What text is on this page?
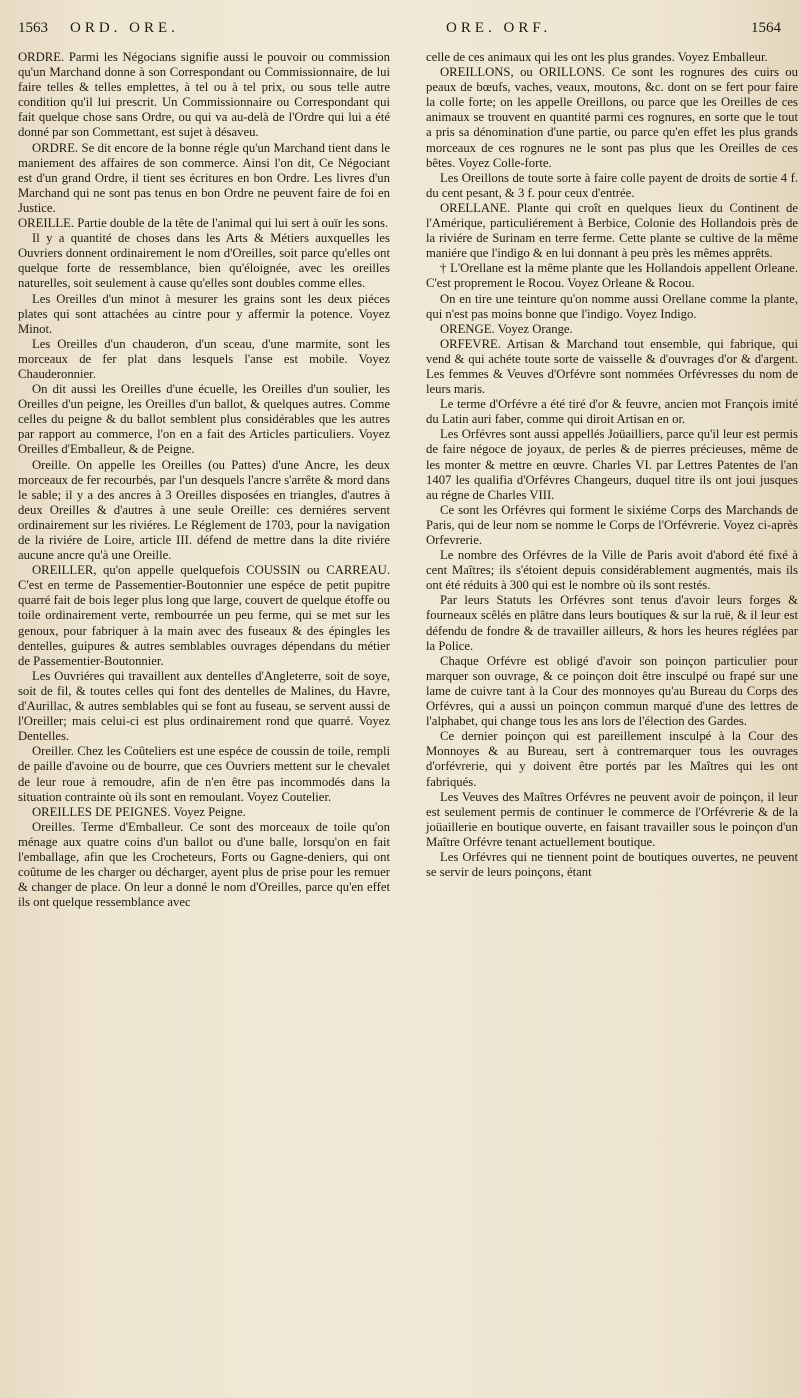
1563 ORD. ORE.	ORE. ORF.	1564

ORDRE. Parmi les Négocians signifie aussi le pouvoir ou commission qu'un Marchand donne à son Correspondant ou Commissionnaire, de lui faire telles & telles emplettes, à tel ou à tel prix, ou sous telle autre condition qu'il lui prescrit. Un Commissionnaire ou Correspondant qui fait quelque chose sans Ordre, ou qui va au-delà de l'Ordre qui lui a été donné par son Commettant, est sujet à désaveu.

ORDRE. Se dit encore de la bonne régle qu'un Marchand tient dans le maniement des affaires de son commerce. Ainsi l'on dit, Ce Négociant est d'un grand Ordre, il tient ses écritures en bon Ordre. Les livres d'un Marchand qui ne sont pas tenus en bon Ordre ne peuvent faire de foi en Justice.

OREILLE. Partie double de la tête de l'animal qui lui sert à ouïr les sons.

Il y a quantité de choses dans les Arts & Métiers auxquelles les Ouvriers donnent ordinairement le nom d'Oreilles, soit parce qu'elles ont quelque forte de ressemblance, bien qu'éloignée, avec les oreilles naturelles, soit seulement à cause qu'elles sont doubles comme elles.

Les Oreilles d'un minot à mesurer les grains sont les deux piéces plates qui sont attachées au cintre pour y affermir la potence. Voyez Minot.

Les Oreilles d'un chauderon, d'un sceau, d'une marmite, sont les morceaux de fer plat dans lesquels l'anse est mobile. Voyez Chauderonnier.

On dit aussi les Oreilles d'une écuelle, les Oreilles d'un soulier, les Oreilles d'un peigne, les Oreilles d'un ballot, & quelques autres. Comme celles du peigne & du ballot semblent plus considérables que les autres par rapport au commerce, l'on en a fait des Articles particuliers. Voyez Oreilles d'Emballeur, & de Peigne.

Oreille. On appelle les Oreilles (ou Pattes) d'une Ancre, les deux morceaux de fer recourbés, par l'un desquels l'ancre s'arrête & mord dans le sable; il y a des ancres à 3 Oreilles disposées en triangles, d'autres à deux Oreilles & d'autres à une seule Oreille: ces derniéres servent ordinairement sur les riviéres. Le Réglement de 1703, pour la navigation de la riviére de Loire, article III. défend de mettre dans la dite riviére aucune ancre qu'à une Oreille.

OREILLER, qu'on appelle quelquefois COUSSIN ou CARREAU. C'est en terme de Passementier-Boutonnier une espéce de petit pupitre quarré fait de bois leger plus long que large, couvert de quelque étoffe ou toile ordinairement verte, rembourrée un peu ferme, qui se met sur les genoux, pour fabriquer à la main avec des fuseaux & des épingles les dentelles, guipures & autres semblables ouvrages dépendans du métier de Passementier-Boutonnier.

Les Ouvriéres qui travaillent aux dentelles d'Angleterre, soit de soye, soit de fil, & toutes celles qui font des dentelles de Malines, du Havre, d'Aurillac, & autres semblables qui se font au fuseau, se servent aussi de l'Oreiller; mais celui-ci est plus ordinairement rond que quarré. Voyez Dentelles.

Oreiller. Chez les Coûteliers est une espéce de coussin de toile, rempli de paille d'avoine ou de bourre, que ces Ouvriers mettent sur le chevalet de leur roue à remoudre, afin de n'en être pas incommodés dans la situation contrainte où ils sont en remoulant. Voyez Coutelier.

OREILLES DE PEIGNES. Voyez Peigne.

Oreilles. Terme d'Emballeur. Ce sont des morceaux de toile qu'on ménage aux quatre coins d'un ballot ou d'une balle, lorsqu'on en fait l'emballage, afin que les Crocheteurs, Forts ou Gagne-deniers, qui ont coûtume de les charger ou décharger, ayent plus de prise pour les remuer & changer de place. On leur a donné le nom d'Oreilles, parce qu'en effet ils ont quelque ressemblance avec

celle de ces animaux qui les ont les plus grandes. Voyez Emballeur.

OREILLONS, ou ORILLONS. Ce sont les rognures des cuirs ou peaux de bœufs, vaches, veaux, moutons, &c. dont on se fert pour faire la colle forte; on les appelle Oreillons, ou parce que les Oreilles de ces animaux se trouvent en quantité parmi ces rognures, en sorte que le tout a pris sa dénomination d'une partie, ou parce qu'en effet les plus grands morceaux de ces rognures ne le sont pas plus que les Oreilles de ces bêtes. Voyez Colle-forte.

Les Oreillons de toute sorte à faire colle payent de droits de sortie 4 f. du cent pesant, & 3 f. pour ceux d'entrée.

ORELLANE. Plante qui croît en quelques lieux du Continent de l'Amérique, particuliérement à Berbice, Colonie des Hollandois près de la riviére de Surinam en terre ferme. Cette plante se cultive de la même maniére que l'indigo & en lui donnant à peu près les mêmes apprêts.

† L'Orellane est la même plante que les Hollandois appellent Orleane. C'est proprement le Rocou. Voyez Orleane & Rocou.

On en tire une teinture qu'on nomme aussi Orellane comme la plante, qui n'est pas moins bonne que l'indigo. Voyez Indigo.

ORENGE. Voyez Orange.

ORFEVRE. Artisan & Marchand tout ensemble, qui fabrique, qui vend & qui achéte toute sorte de vaisselle & d'ouvrages d'or & d'argent. Les femmes & Veuves d'Orfévre sont nommées Orfévresses du nom de leurs maris.

Le terme d'Orfévre a été tiré d'or & feuvre, ancien mot François imité du Latin auri faber, comme qui diroit Artisan en or.

Les Orfévres sont aussi appellés Joüailliers, parce qu'il leur est permis de faire négoce de joyaux, de perles & de pierres précieuses, même de les monter & mettre en œuvre. Charles VI. par Lettres Patentes de l'an 1407 les qualifia d'Orfévres Changeurs, duquel titre ils ont joui jusques au régne de Charles VIII.

Ce sont les Orfévres qui forment le sixiéme Corps des Marchands de Paris, qui de leur nom se nomme le Corps de l'Orfévrerie. Voyez ci-après Orfevrerie.

Le nombre des Orfévres de la Ville de Paris avoit d'abord été fixé à cent Maîtres; ils s'étoient depuis considérablement augmentés, mais ils ont été réduits à 300 qui est le nombre où ils sont restés.

Par leurs Statuts les Orfévres sont tenus d'avoir leurs forges & fourneaux scêlés en plâtre dans leurs boutiques & sur la ruë, & il leur est défendu de fondre & de travailler ailleurs, & hors les heures réglées par la Police.

Chaque Orfévre est obligé d'avoir son poinçon particulier pour marquer son ouvrage, & ce poinçon doit être insculpé ou frapé sur une lame de cuivre tant à la Cour des monnoyes qu'au Bureau du Corps des Orfévres, qui a aussi un poinçon commun marqué d'une des lettres de l'alphabet, qui change tous les ans lors de l'élection des Gardes.

Ce dernier poinçon qui est pareillement insculpé à la Cour des Monnoyes & au Bureau, sert à contremarquer tous les ouvrages d'orfévrerie, qui y doivent être portés par les Maîtres qui les ont fabriqués.

Les Veuves des Maîtres Orfévres ne peuvent avoir de poinçon, il leur est seulement permis de continuer le commerce de l'Orfévrerie & de la joüaillerie en boutique ouverte, en faisant travailler sous le poinçon d'un Maître Orfévre tenant actuellement boutique.

Les Orfévres qui ne tiennent point de boutiques ouvertes, ne peuvent se servir de leurs poinçons, étant
